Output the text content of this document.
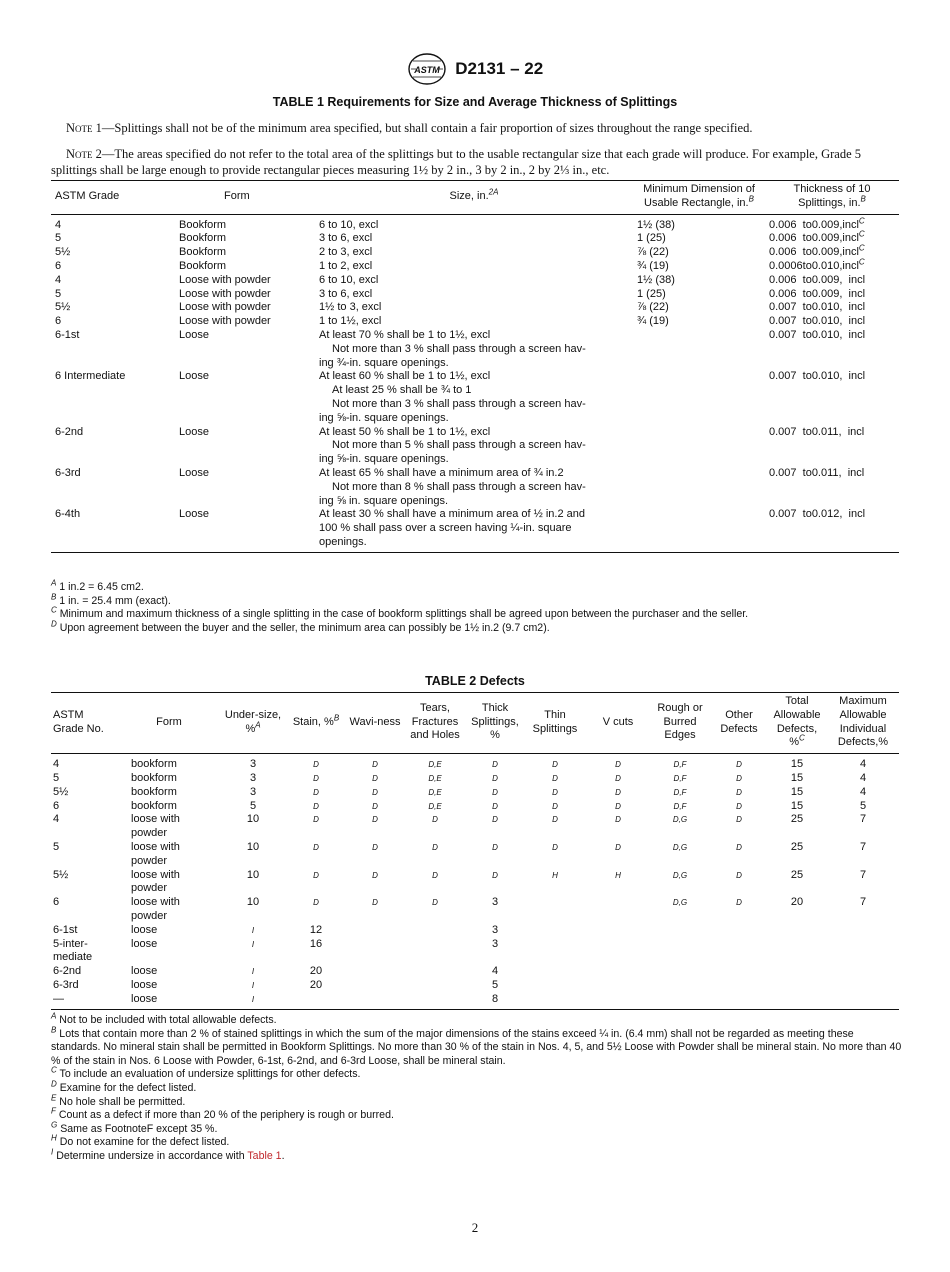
ASTM D2131 – 22
TABLE 1 Requirements for Size and Average Thickness of Splittings
Note 1—Splittings shall not be of the minimum area specified, but shall contain a fair proportion of sizes throughout the range specified.
Note 2—The areas specified do not refer to the total area of the splittings but to the usable rectangular size that each grade will produce. For example, Grade 5 splittings shall be large enough to provide rectangular pieces measuring 1½ by 2 in., 3 by 2 in., 2 by 2⅓ in., etc.
ASTM Grade	Form	Size, in.$^{2A}$	Minimum Dimension of Usable Rectangle, in.$^B$	Thickness of 10 Splittings, in.$^B$
4	Bookform	6 to 10, excl	1½ (38)	0.006  to0.009,incl$^C$
5	Bookform	3 to 6, excl	1 (25)	0.006  to0.009,incl$^C$
5½	Bookform	2 to 3, excl	⅞ (22)	0.006  to0.009,incl$^C$
6	Bookform	1 to 2, excl	¾ (19)	0.0006to0.010,incl$^C$
4	Loose with powder	6 to 10, excl	1½ (38)	0.006  to0.009,  incl
5	Loose with powder	3 to 6, excl	1 (25)	0.006  to0.009,  incl
5½	Loose with powder	1½ to 3, excl	⅞ (22)	0.007  to0.010,  incl
6	Loose with powder	1 to 1½, excl	¾ (19)	0.007  to0.010,  incl
6-1st	Loose	At least 70 % shall be 1 to 1½, excl
Not more than 3 % shall pass through a screen hav-
ing ¾-in. square openings.		0.007  to0.010,  incl
6 Intermediate	Loose	At least 60 % shall be 1 to 1½, excl
At least 25 % shall be ¾ to 1
Not more than 3 % shall pass through a screen hav-
ing ⅝-in. square openings.		0.007  to0.010,  incl
6-2nd	Loose	At least 50 % shall be 1 to 1½, excl
Not more than 5 % shall pass through a screen hav-
ing ⅝-in. square openings.		0.007  to0.011,  incl
6-3rd	Loose	At least 65 % shall have a minimum area of ¾ in.2
Not more than 8 % shall pass through a screen hav-
ing ⅝ in. square openings.		0.007  to0.011,  incl
6-4th	Loose	At least 30 % shall have a minimum area of ½ in.2 and
100 % shall pass over a screen having ¼-in. square
openings.		0.007  to0.012,  incl
$^A$ 1 in.2 = 6.45 cm2.
$^B$ 1 in. = 25.4 mm (exact).
$^C$ Minimum and maximum thickness of a single splitting in the case of bookform splittings shall be agreed upon between the purchaser and the seller.
$^D$ Upon agreement between the buyer and the seller, the minimum area can possibly be 1½ in.2 (9.7 cm2).
TABLE 2 Defects
ASTM Grade No.	Form	Under-size, %$^A$	Stain, %$^B$	Wavi-ness	Tears, Fractures and Holes	Thick Splittings, %	Thin Splittings	V cuts	Rough or Burred Edges	Other Defects	Total Allowable Defects, %$^C$	Maximum Allowable Individual Defects,%
4	bookform	3	D	D	D,E	D	D	D	D,F	D	15	4
5	bookform	3	D	D	D,E	D	D	D	D,F	D	15	4
5½	bookform	3	D	D	D,E	D	D	D	D,F	D	15	4
6	bookform	5	D	D	D,E	D	D	D	D,F	D	15	5
4	loose with powder	10	D	D	D	D	D	D	D,G	D	25	7
5	loose with powder	10	D	D	D	D	D	D	D,G	D	25	7
5½	loose with powder	10	D	D	D	D	H	H	D,G	D	25	7
6	loose with powder	10	D	D	D	3			D,G	D	20	7
6-1st	loose	I	12			3						
5-inter-mediate	loose	I	16			3						
6-2nd	loose	I	20			4						
6-3rd	loose	I	20			5						
—	loose	I				8						
$^A$ Not to be included with total allowable defects.
$^B$ Lots that contain more than 2 % of stained splittings in which the sum of the major dimensions of the stains exceed ¼ in. (6.4 mm) shall not be regarded as meeting these standards. No mineral stain shall be permitted in Bookform Splittings. No more than 30 % of the stain in Nos. 4, 5, and 5½ Loose with Powder shall be mineral stain. No more than 40 % of the stain in Nos. 6 Loose with Powder, 6-1st, 6-2nd, and 6-3rd Loose, shall be mineral stain.
$^C$ To include an evaluation of undersize splittings for other defects.
$^D$ Examine for the defect listed.
$^E$ No hole shall be permitted.
$^F$ Count as a defect if more than 20 % of the periphery is rough or burred.
$^G$ Same as FootnoteF except 35 %.
$^H$ Do not examine for the defect listed.
$^I$ Determine undersize in accordance with Table 1.
2
